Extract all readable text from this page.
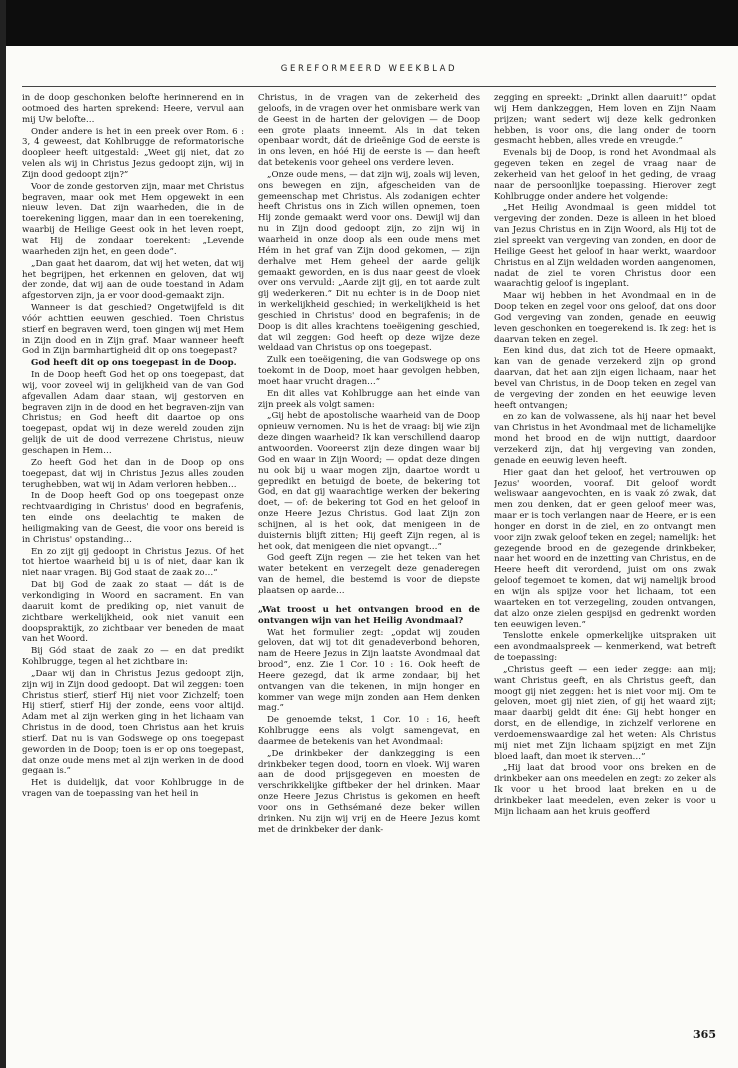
GEREFORMEERD WEEKBLAD

in de doop geschonken belofte herinnerend en in ootmoed des harten sprekend: Heere, vervul aan mij Uw belofte…

Onder andere is het in een preek over Rom. 6 : 3, 4 geweest, dat Kohlbrugge de reformatorische doopleer heeft uitgestald: „Weet gij niet, dat zo velen als wij in Christus Jezus gedoopt zijn, wij in Zijn dood gedoopt zijn?”

Voor de zonde gestorven zijn, maar met Christus begraven, maar ook met Hem opgewekt in een nieuw leven. Dat zijn waarheden, die in de toerekening liggen, maar dan in een toerekening, waarbij de Heilige Geest ook in het leven roept, wat Hij de zondaar toerekent: „Levende waarheden zijn het, en geen dode”.

„Dan gaat het daarom, dat wij het weten, dat wij het begrijpen, het erkennen en geloven, dat wij der zonde, dat wij aan de oude toestand in Adam afgestorven zijn, ja er voor dood-gemaakt zijn.

Wanneer is dat geschied? Ongetwijfeld is dit vóór achttien eeuwen geschied. Toen Christus stierf en begraven werd, toen gingen wij met Hem in Zijn dood en in Zijn graf. Maar wanneer heeft God in Zijn barmhartigheid dit op ons toegepast?

God heeft dit op ons toegepast in de Doop.

In de Doop heeft God het op ons toegepast, dat wij, voor zoveel wij in gelijkheid van de van God afgevallen Adam daar staan, wij gestorven en begraven zijn in de dood en het begraven-zijn van Christus; en God heeft dit daartoe op ons toegepast, opdat wij in deze wereld zouden zijn gelijk de uit de dood verrezene Christus, nieuw geschapen in Hem…

Zo heeft God het dan in de Doop op ons toegepast, dat wij in Christus Jezus alles zouden terughebben, wat wij in Adam verloren hebben…

In de Doop heeft God op ons toegepast onze rechtvaardiging in Christus' dood en begrafenis, ten einde ons deelachtig te maken de heiligmaking van de Geest, die voor ons bereid is in Christus' opstanding…

En zo zijt gij gedoopt in Christus Jezus. Of het tot hiertoe waarheid bij u is of niet, daar kan ik niet naar vragen. Bij God staat de zaak zo…”

Dat bij God de zaak zo staat — dát is de verkondiging in Woord en sacrament. En van daaruit komt de prediking op, niet vanuit de zichtbare werkelijkheid, ook niet vanuit een doopspraktijk, zo zichtbaar ver beneden de maat van het Woord.

Bij Gód staat de zaak zo — en dat predikt Kohlbrugge, tegen al het zichtbare in:

„Daar wij dan in Christus Jezus gedoopt zijn, zijn wij in Zijn dood gedoopt. Dat wil zeggen: toen Christus stierf, stierf Hij niet voor Zichzelf; toen Hij stierf, stierf Hij der zonde, eens voor altijd. Adam met al zijn werken ging in het lichaam van Christus in de dood, toen Christus aan het kruis stierf. Dat nu is van Godswege op ons toegepast geworden in de Doop; toen is er op ons toegepast, dat onze oude mens met al zijn werken in de dood gegaan is.”

Het is duidelijk, dat voor Kohlbrugge in de vragen van de toepassing van het heil in

Christus, in de vragen van de zekerheid des geloofs, in de vragen over het onmisbare werk van de Geest in de harten der gelovigen — de Doop een grote plaats inneemt. Als in dat teken openbaar wordt, dát de drieënige God de eerste is in ons leven, en hóé Hij de eerste is — dan heeft dat betekenis voor geheel ons verdere leven.

„Onze oude mens, — dat zijn wij, zoals wij leven, ons bewegen en zijn, afgescheiden van de gemeenschap met Christus. Als zodanigen echter heeft Christus ons in Zich willen opnemen, toen Hij zonde gemaakt werd voor ons. Dewijl wij dan nu in Zijn dood gedoopt zijn, zo zijn wij in waarheid in onze doop als een oude mens met Hém in het graf van Zijn dood gekomen, — zijn derhalve met Hem geheel der aarde gelijk gemaakt geworden, en is dus naar geest de vloek over ons vervuld: „Aarde zijt gij, en tot aarde zult gij wederkeren.” Dit nu echter is in de Doop niet in werkelijkheid geschied; in werkelijkheid is het geschied in Christus' dood en begrafenis; in de Doop is dit alles krachtens toeëigening geschied, dat wil zeggen: God heeft op deze wijze deze weldaad van Christus op ons toegepast.

Zulk een toeëigening, die van Godswege op ons toekomt in de Doop, moet haar gevolgen hebben, moet haar vrucht dragen…”

En dit alles vat Kohlbrugge aan het einde van zijn preek als volgt samen:

„Gij hebt de apostolische waarheid van de Doop opnieuw vernomen. Nu is het de vraag: bij wie zijn deze dingen waarheid? Ik kan verschillend daarop antwoorden. Vooreerst zijn deze dingen waar bij God en waar in Zijn Woord; — opdat deze dingen nu ook bij u waar mogen zijn, daartoe wordt u gepredikt en betuigd de boete, de bekering tot God, en dat gij waarachtige werken der bekering doet, — of: de bekering tot God en het geloof in onze Heere Jezus Christus. God laat Zijn zon schijnen, al is het ook, dat menigeen in de duisternis blijft zitten; Hij geeft Zijn regen, al is het ook, dat menigeen die niet opvangt…”

God geeft Zijn regen — zie het teken van het water betekent en verzegelt deze genaderegen van de hemel, die bestemd is voor de diepste plaatsen op aarde…

„Wat troost u het ontvangen brood en de ontvangen wijn van het Heilig Avondmaal?

Wat het formulier zegt: „opdat wij zouden geloven, dat wij tot dit genadeverbond behoren, nam de Heere Jezus in Zijn laatste Avondmaal dat brood”, enz. Zie 1 Cor. 10 : 16. Ook heeft de Heere gezegd, dat ik arme zondaar, bij het ontvangen van die tekenen, in mijn honger en kommer van wege mijn zonden aan Hem denken mag.”

De genoemde tekst, 1 Cor. 10 : 16, heeft Kohlbrugge eens als volgt samengevat, en daarmee de betekenis van het Avondmaal:

„De drinkbeker der dankzegging is een drinkbeker tegen dood, toorn en vloek. Wij waren aan de dood prijsgegeven en moesten de verschrikkelijke giftbeker der hel drinken. Maar onze Heere Jezus Christus is gekomen en heeft voor ons in Gethsémané deze beker willen drinken. Nu zijn wij vrij en de Heere Jezus komt met de drinkbeker der dank-

zegging en spreekt: „Drinkt allen daaruit!” opdat wij Hem dankzeggen, Hem loven en Zijn Naam prijzen; want sedert wij deze kelk gedronken hebben, is voor ons, die lang onder de toorn gesmacht hebben, alles vrede en vreugde.”

Evenals bij de Doop, is rond het Avondmaal als gegeven teken en zegel de vraag naar de zekerheid van het geloof in het geding, de vraag naar de persoonlijke toepassing. Hierover zegt Kohlbrugge onder andere het volgende:

„Het Heilig Avondmaal is geen middel tot vergeving der zonden. Deze is alleen in het bloed van Jezus Christus en in Zijn Woord, als Hij tot de ziel spreekt van vergeving van zonden, en door de Heilige Geest het geloof in haar werkt, waardoor Christus en al Zijn weldaden worden aangenomen, nadat de ziel te voren Christus door een waarachtig geloof is ingeplant.

Maar wij hebben in het Avondmaal en in de Doop teken en zegel voor ons geloof, dat ons door God vergeving van zonden, genade en eeuwig leven geschonken en toegerekend is. Ik zeg: het is daarvan teken en zegel.

Een kind dus, dat zich tot de Heere opmaakt, kan van de genade verzekerd zijn op grond daarvan, dat het aan zijn eigen lichaam, naar het bevel van Christus, in de Doop teken en zegel van de vergeving der zonden en het eeuwige leven heeft ontvangen;

en zo kan de volwassene, als hij naar het bevel van Christus in het Avondmaal met de lichamelijke mond het brood en de wijn nuttigt, daardoor verzekerd zijn, dat hij vergeving van zonden, genade en eeuwig leven heeft.

Hier gaat dan het geloof, het vertrouwen op Jezus' woorden, vooraf. Dit geloof wordt weliswaar aangevochten, en is vaak zó zwak, dat men zou denken, dat er geen geloof meer was, maar er is toch verlangen naar de Heere, er is een honger en dorst in de ziel, en zo ontvangt men voor zijn zwak geloof teken en zegel; namelijk: het gezegende brood en de gezegende drinkbeker, naar het woord en de inzetting van Christus, en de Heere heeft dit verordend, juist om ons zwak geloof tegemoet te komen, dat wij namelijk brood en wijn als spijze voor het lichaam, tot een waarteken en tot verzegeling, zouden ontvangen, dat alzo onze zielen gespijsd en gedrenkt worden ten eeuwigen leven.”

Tenslotte enkele opmerkelijke uitspraken uit een avondmaalspreek — kenmerkend, wat betreft de toepassing:

„Christus geeft — een ieder zegge: aan mij; want Christus geeft, en als Christus geeft, dan moogt gij niet zeggen: het is niet voor mij. Om te geloven, moet gij niet zien, of gij het waard zijt; maar daarbij geldt dit éne: Gij hebt honger en dorst, en de ellendige, in zichzelf verlorene en verdoemenswaardige zal het weten: Als Christus mij niet met Zijn lichaam spijzigt en met Zijn bloed laaft, dan moet ik sterven…”

„Hij laat dat brood voor ons breken en de drinkbeker aan ons meedelen en zegt: zo zeker als Ik voor u het brood laat breken en u de drinkbeker laat meedelen, even zeker is voor u Mijn lichaam aan het kruis geofferd

365
